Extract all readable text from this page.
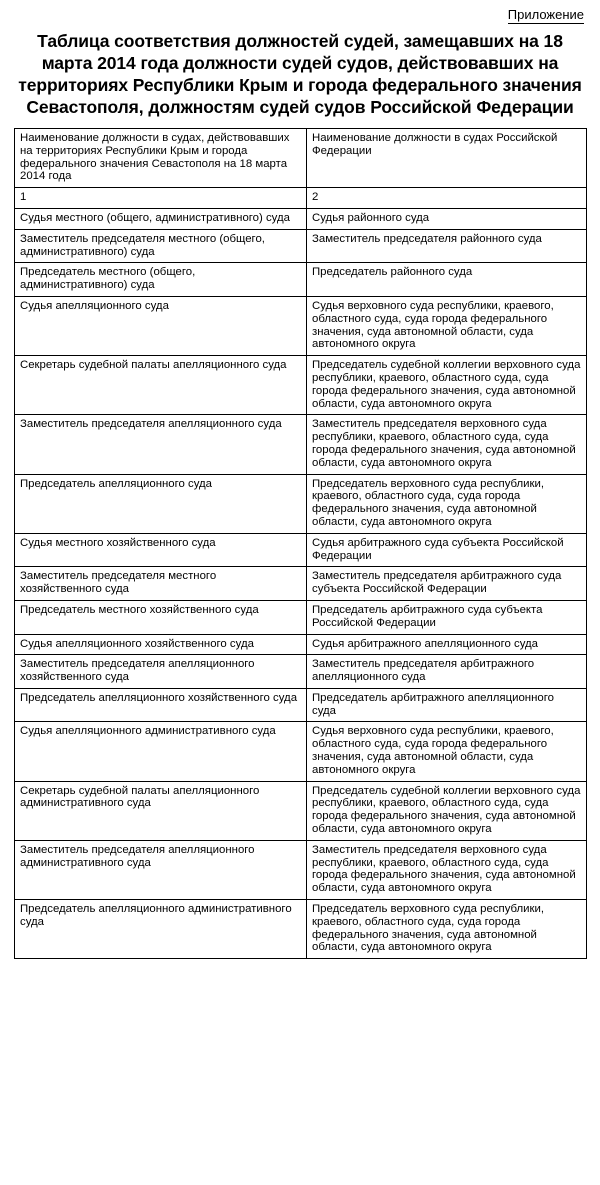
Приложение
Таблица соответствия должностей судей, замещавших на 18 марта 2014 года должности судей судов, действовавших на территориях Республики Крым и города федерального значения Севастополя, должностям судей судов Российской Федерации
Наименование должности в судах, действовавших на территориях Республики Крым и города федерального значения Севастополя на 18 марта 2014 года	Наименование должности в судах Российской Федерации
1	2
Судья местного (общего, административного) суда	Судья районного суда
Заместитель председателя местного (общего, административного) суда	Заместитель председателя районного суда
Председатель местного (общего, административного) суда	Председатель районного суда
Судья апелляционного суда	Судья верховного суда республики, краевого, областного суда, суда города федерального значения, суда автономной области, суда автономного округа
Секретарь судебной палаты апелляционного суда	Председатель судебной коллегии верховного суда республики, краевого, областного суда, суда города федерального значения, суда автономной области, суда автономного округа
Заместитель председателя апелляционного суда	Заместитель председателя верховного суда республики, краевого, областного суда, суда города федерального значения, суда автономной области, суда автономного округа
Председатель апелляционного суда	Председатель верховного суда республики, краевого, областного суда, суда города федерального значения, суда автономной области, суда автономного округа
Судья местного хозяйственного суда	Судья арбитражного суда субъекта Российской Федерации
Заместитель председателя местного хозяйственного суда	Заместитель председателя арбитражного суда субъекта Российской Федерации
Председатель местного хозяйственного суда	Председатель арбитражного суда субъекта Российской Федерации
Судья апелляционного хозяйственного суда	Судья арбитражного апелляционного суда
Заместитель председателя апелляционного хозяйственного суда	Заместитель председателя арбитражного апелляционного суда
Председатель апелляционного хозяйственного суда	Председатель арбитражного апелляционного суда
Судья апелляционного административного суда	Судья верховного суда республики, краевого, областного суда, суда города федерального значения, суда автономной области, суда автономного округа
Секретарь судебной палаты апелляционного административного суда	Председатель судебной коллегии верховного суда республики, краевого, областного суда, суда города федерального значения, суда автономной области, суда автономного округа
Заместитель председателя апелляционного административного суда	Заместитель председателя верховного суда республики, краевого, областного суда, суда города федерального значения, суда автономной области, суда автономного округа
Председатель апелляционного административного суда	Председатель верховного суда республики, краевого, областного суда, суда города федерального значения, суда автономной области, суда автономного округа
